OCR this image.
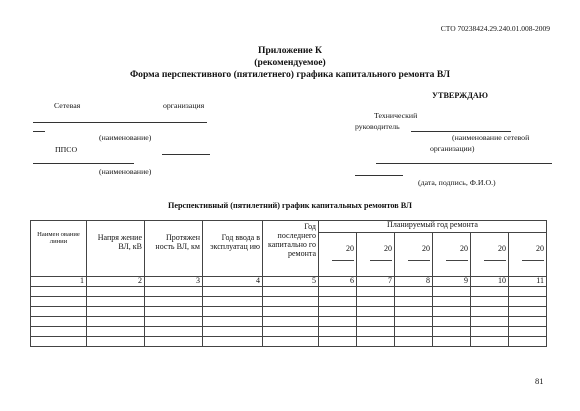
СТО 70238424.29.240.01.008-2009
Приложение К
(рекомендуемое)
Форма перспективного (пятилетнего) графика капитального ремонта ВЛ
УТВЕРЖДАЮ
Сетевая	организация
(наименование)
ППСО
(наименование)
Технический
руководитель
(наименование сетевой
организации)
(дата, подпись, Ф.И.О.)
Перспективный (пятилетний) график капитальных ремонтов ВЛ
Наимен ование линии	Напря жение ВЛ, кВ	Протяжен ность ВЛ, км	Год ввода в эксплуатац ию	Год последнего капитально го ремонта	Планируемый год ремонта					
					20	20	20	20	20	20

1	2	3	4	5	6	7	8	9	10	11

81
